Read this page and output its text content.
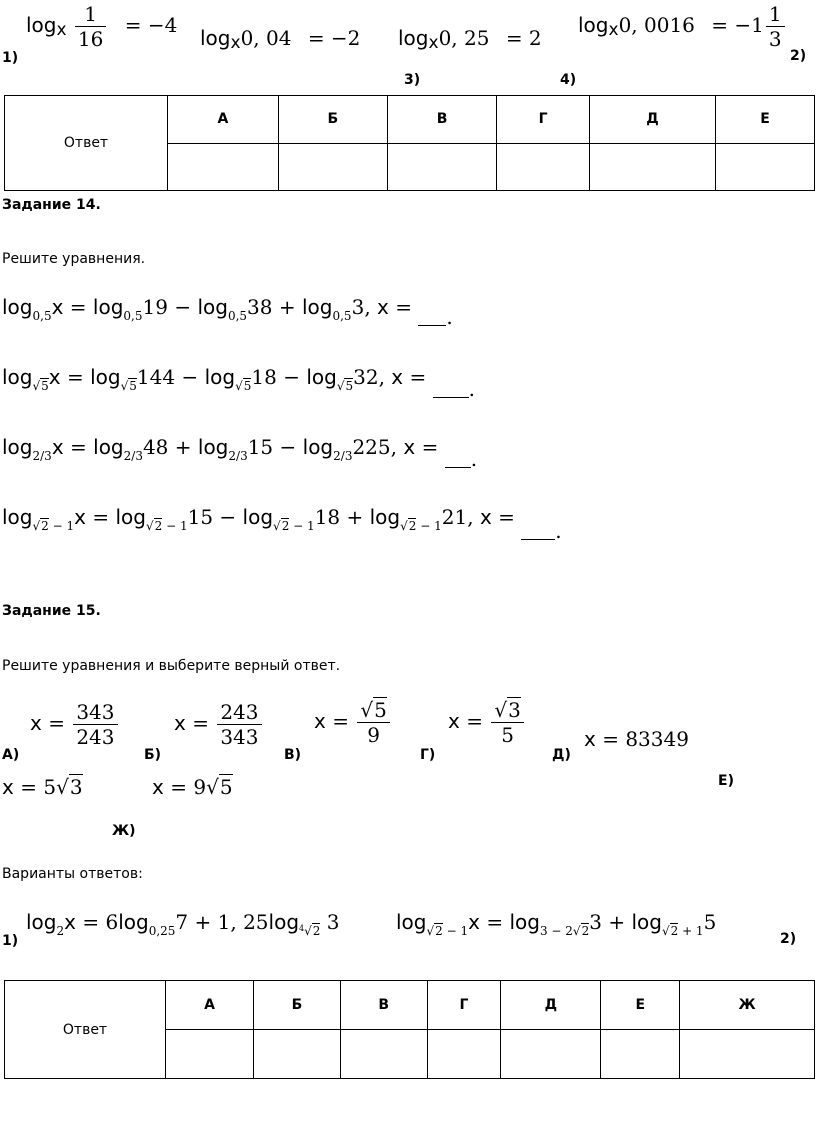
$\log_x \frac{1}{16} = -4$
1)
$\log_x0$, 04 = −2 $\log_x0$, 25 = 2
$\log_x0$, $0016 = -1 \frac{1}{3}$
2)
3)	4)
Ответ	А	Б	В	Г	Д	Е

Задание 14.
Решите уравнения.
$\log_{0,5}x = \log_{0,5}19 - \log_{0,5}38 + \log_{0,5}3$, x = .
$\log_{√5}x = \log_{√5}144 - \log_{√5}18 - \log_{√5}32$, x = .
$\log_{2/3}x = \log_{2/3}48 + \log_{2/3}15 - \log_{2/3}225$, x = .
$\log_{√2 - 1}x = \log_{√2 - 1}15 - \log_{√2 - 1}18 + \log_{√2 - 1}21$, x = .
Задание 15.
Решите уравнения и выберите верный ответ.
$x = \frac{343}{243}$
А)
$x = \frac{243}{343}$
Б)
$x = \frac{√5}{9}$
В)
$x = \frac{√3}{5}$
Г)
x = 83349
Д)
x = 5√3	Е)
x = 9√5
Ж)
Варианты ответов:
$\log_2x = 6\log_{0,25}7 + 1$, $25\log_{^4√2}$ 3
1)
$\log_{√2 - 1}x = \log_{3 - 2√2}3 + \log_{√2 + 1}5$
2)
Ответ	А	Б	В	Г	Д	Е	Ж
